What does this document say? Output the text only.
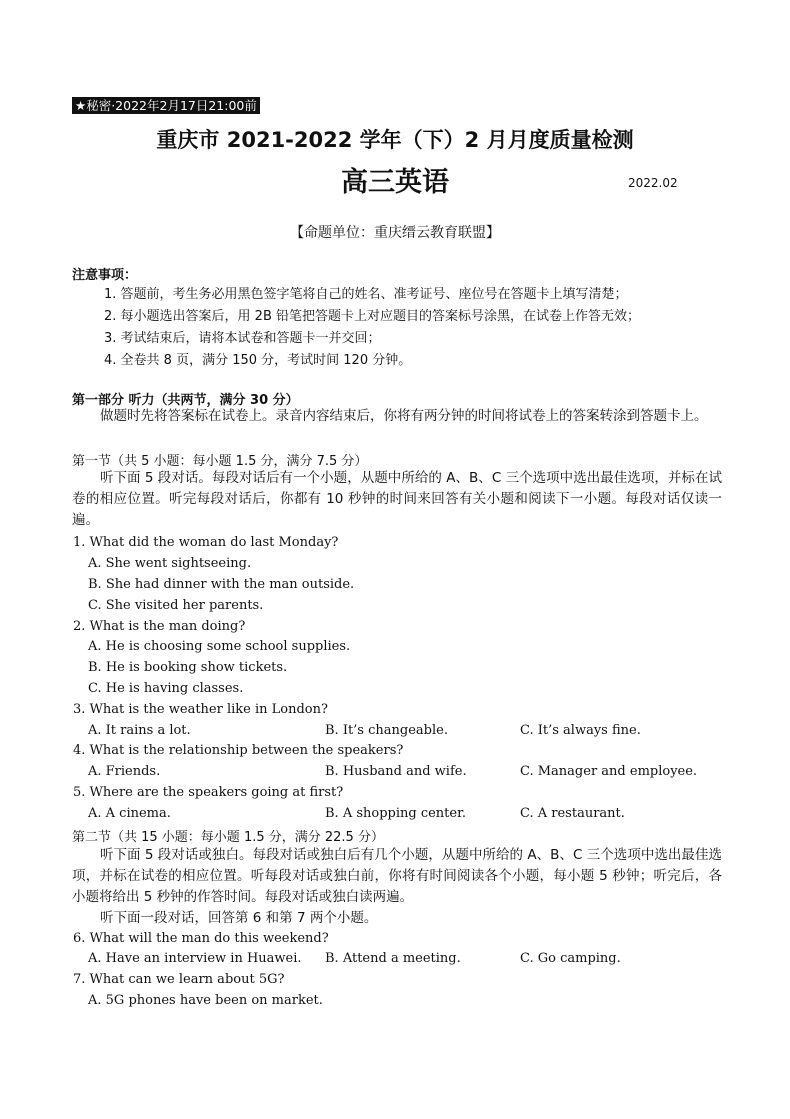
★秘密·2022年2月17日21:00前
重庆市 2021-2022 学年（下）2 月月度质量检测
高三英语	2022.02
【命题单位：重庆缙云教育联盟】
注意事项：
1. 答题前，考生务必用黑色签字笔将自己的姓名、准考证号、座位号在答题卡上填写清楚；
2. 每小题选出答案后，用 2B 铅笔把答题卡上对应题目的答案标号涂黑，在试卷上作答无效；
3. 考试结束后，请将本试卷和答题卡一并交回；
4. 全卷共 8 页，满分 150 分，考试时间 120 分钟。
第一部分 听力（共两节，满分 30 分）
做题时先将答案标在试卷上。录音内容结束后，你将有两分钟的时间将试卷上的答案转涂到答题卡上。
第一节（共 5 小题：每小题 1.5 分，满分 7.5 分）
听下面 5 段对话。每段对话后有一个小题，从题中所给的 A、B、C 三个选项中选出最佳选项，并标在试卷的相应位置。听完每段对话后，你都有 10 秒钟的时间来回答有关小题和阅读下一小题。每段对话仅读一遍。
1. What did the woman do last Monday?
A. She went sightseeing.
B. She had dinner with the man outside.
C. She visited her parents.
2. What is the man doing?
A. He is choosing some school supplies.
B. He is booking show tickets.
C. He is having classes.
3. What is the weather like in London?
A. It rains a lot.	B. It’s changeable.	C. It’s always fine.
4. What is the relationship between the speakers?
A. Friends.	B. Husband and wife.	C. Manager and employee.
5. Where are the speakers going at first?
A. A cinema.	B. A shopping center.	C. A restaurant.
第二节（共 15 小题：每小题 1.5 分，满分 22.5 分）
听下面 5 段对话或独白。每段对话或独白后有几个小题，从题中所给的 A、B、C 三个选项中选出最佳选项，并标在试卷的相应位置。听每段对话或独白前，你将有时间阅读各个小题，每小题 5 秒钟；听完后，各小题将给出 5 秒钟的作答时间。每段对话或独白读两遍。
听下面一段对话，回答第 6 和第 7 两个小题。
6. What will the man do this weekend?
A. Have an interview in Huawei. B. Attend a meeting.	C. Go camping.
7. What can we learn about 5G?
A. 5G phones have been on market.
